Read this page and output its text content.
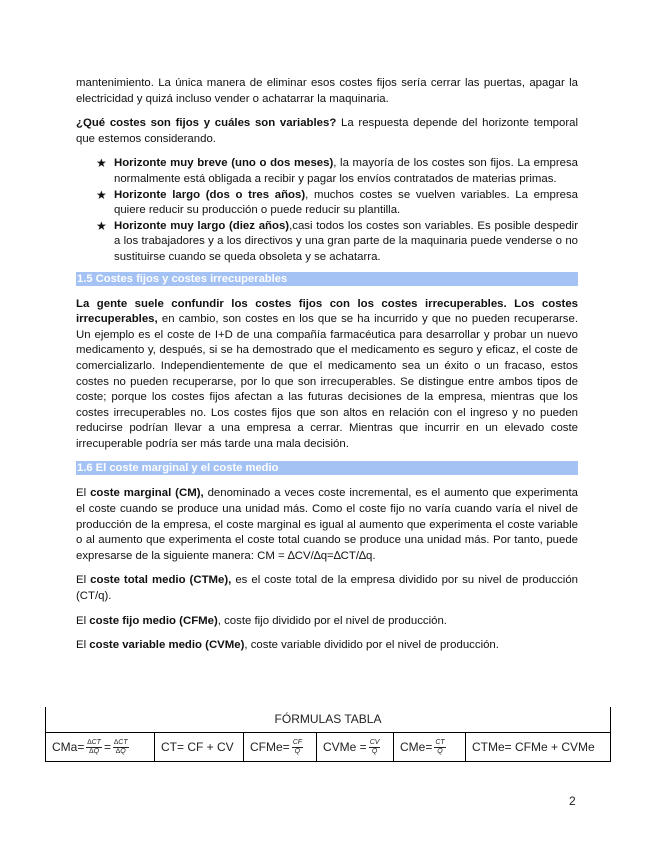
mantenimiento. La única manera de eliminar esos costes fijos sería cerrar las puertas, apagar la electricidad y quizá incluso vender o achatarrar la maquinaria.

¿Qué costes son fijos y cuáles son variables? La respuesta depende del horizonte temporal que estemos considerando.

★ Horizonte muy breve (uno o dos meses), la mayoría de los costes son fijos. La empresa normalmente está obligada a recibir y pagar los envíos contratados de materias primas.
★ Horizonte largo (dos o tres años), muchos costes se vuelven variables. La empresa quiere reducir su producción o puede reducir su plantilla.
★ Horizonte muy largo (diez años),casi todos los costes son variables. Es posible despedir a los trabajadores y a los directivos y una gran parte de la maquinaria puede venderse o no sustituirse cuando se queda obsoleta y se achatarra.
1.5 Costes fijos y costes irrecuperables

La gente suele confundir los costes fijos con los costes irrecuperables. Los costes irrecuperables, en cambio, son costes en los que se ha incurrido y que no pueden recuperarse. Un ejemplo es el coste de I+D de una compañía farmacéutica para desarrollar y probar un nuevo medicamento y, después, si se ha demostrado que el medicamento es seguro y eficaz, el coste de comercializarlo. Independientemente de que el medicamento sea un éxito o un fracaso, estos costes no pueden recuperarse, por lo que son irrecuperables. Se distingue entre ambos tipos de coste; porque los costes fijos afectan a las futuras decisiones de la empresa, mientras que los costes irrecuperables no. Los costes fijos que son altos en relación con el ingreso y no pueden reducirse podrían llevar a una empresa a cerrar. Mientras que incurrir en un elevado coste irrecuperable podría ser más tarde una mala decisión.

1.6 El coste marginal y el coste medio

El coste marginal (CM), denominado a veces coste incremental, es el aumento que experimenta el coste cuando se produce una unidad más. Como el coste fijo no varía cuando varía el nivel de producción de la empresa, el coste marginal es igual al aumento que experimenta el coste variable o al aumento que experimenta el coste total cuando se produce una unidad más. Por tanto, puede expresarse de la siguiente manera: CM = ∆CV/∆q=∆CT/∆q.

El coste total medio (CTMe), es el coste total de la empresa dividido por su nivel de producción (CT/q).

El coste fijo medio (CFMe), coste fijo dividido por el nivel de producción.

El coste variable medio (CVMe), coste variable dividido por el nivel de producción.

FÓRMULAS TABLA
$CMa= \frac{\Delta CT}{\Delta Q} = \frac{\Delta CT}{\Delta Q}$	CT= CF + CV CFMe= $\frac{CF}{Q}$ CVMe = $\frac{CV}{Q} CMe= \frac{CT}{Q}$ CTMe= CFMe + CVMe
2
